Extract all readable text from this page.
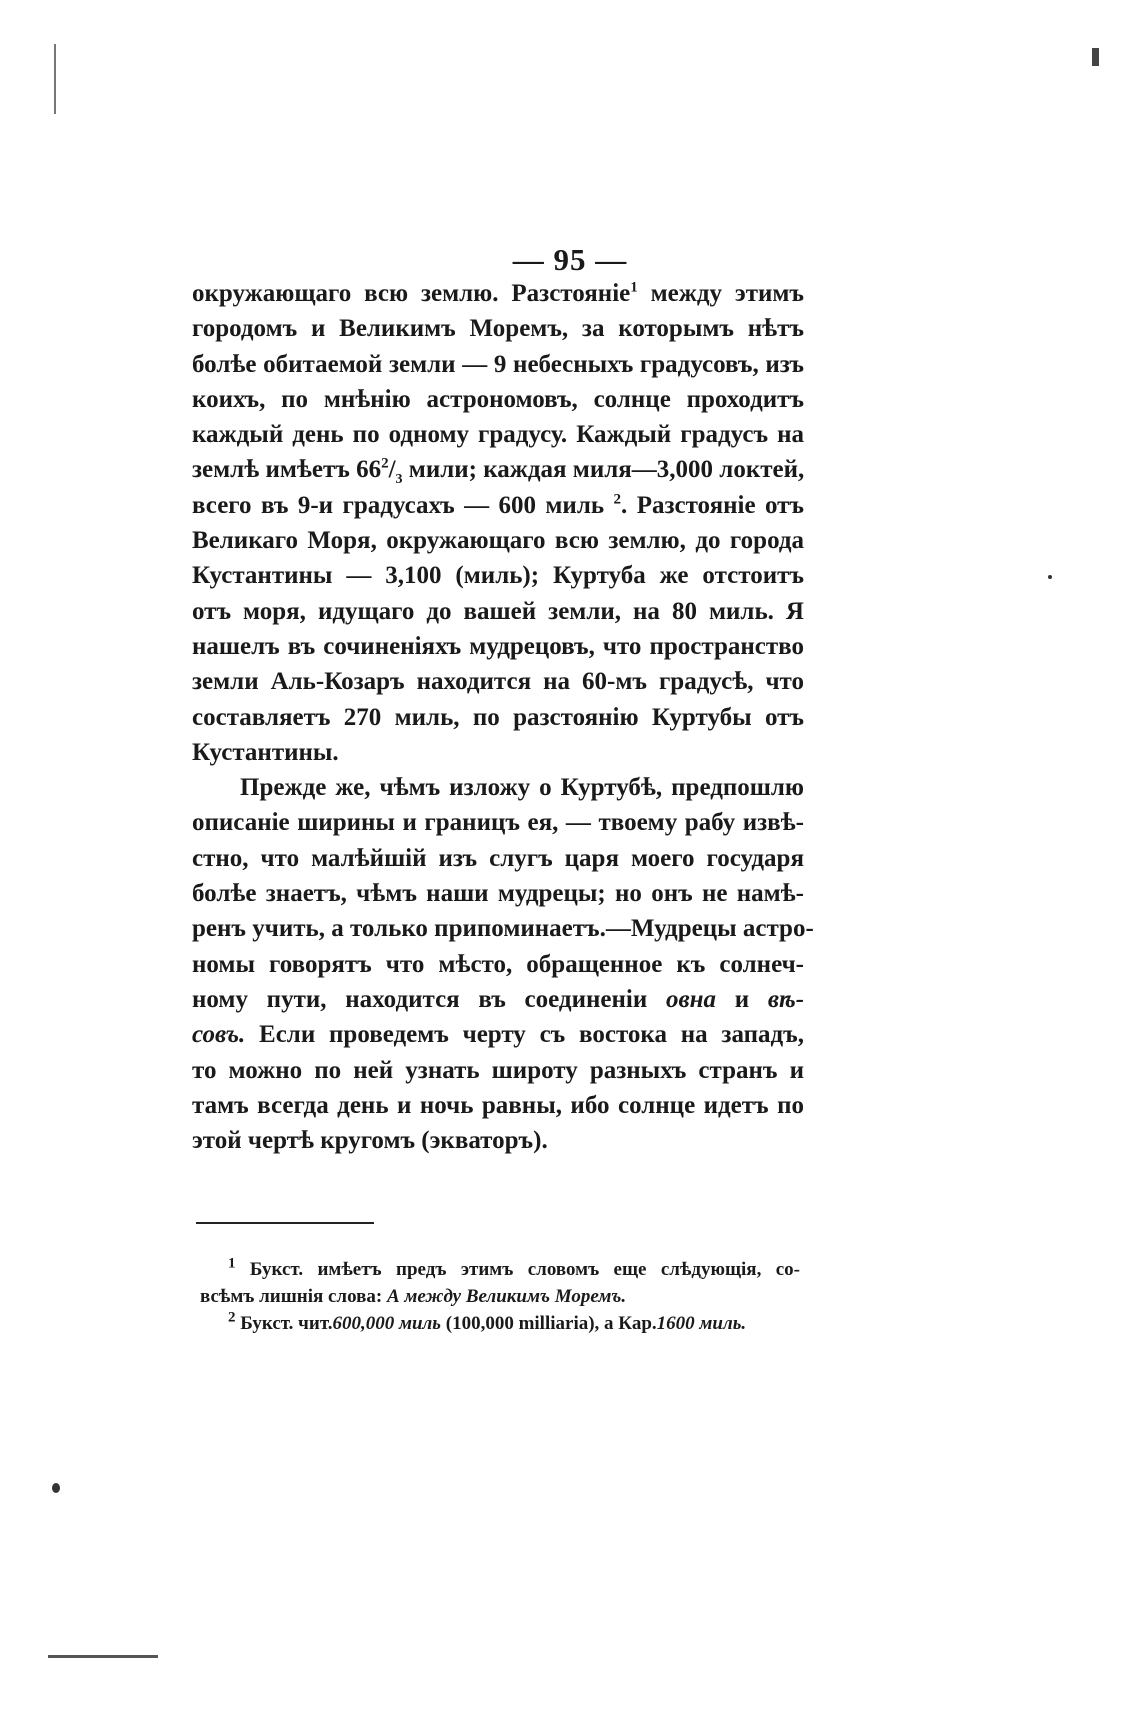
— 95 —
окружающаго всю землю. Разстояніе$^1$ между этимъ
городомъ и Великимъ Моремъ, за которымъ нѣтъ
болѣе обитаемой земли — 9 небесныхъ градусовъ, изъ
коихъ, по мнѣнію астрономовъ, солнце проходитъ
каждый день по одному градусу. Каждый градусъ на
землѣ имѣетъ $66^2/_3$ мили; каждая миля—3,000 локтей,
всего въ 9-и градусахъ — 600 миль $^2$. Разстояніе отъ
Великаго Моря, окружающаго всю землю, до города
Кустантины — 3,100 (миль); Куртуба же отстоитъ
отъ моря, идущаго до вашей земли, на 80 миль. Я
нашелъ въ сочиненіяхъ мудрецовъ, что пространство
земли Аль-Козаръ находится на 60-мъ градусѣ, что
составляетъ 270 миль, по разстоянію Куртубы отъ
Кустантины.
Прежде же, чѣмъ изложу о Куртубѣ, предпошлю
описаніе ширины и границъ ея, — твоему рабу извѣ-
стно, что малѣйшій изъ слугъ царя моего государя
болѣе знаетъ, чѣмъ наши мудрецы; но онъ не намѣ-
ренъ учить, а только припоминаетъ.—Мудрецы астро-
номы говорятъ что мѣсто, обращенное къ солнеч-
ному пути, находится въ соединеніи овна и вѣ-
совъ. Если проведемъ черту съ востока на западъ,
то можно по ней узнать широту разныхъ странъ и
тамъ всегда день и ночь равны, ибо солнце идетъ по
этой чертѣ кругомъ (экваторъ).
$^1$ Букст. имѣетъ предъ этимъ словомъ еще слѣдующія, со-
всѣмъ лишнія слова: А между Великимъ Моремъ.
$^2$ Букст. чит.600,000 миль (100,000 milliaria), а Кар.1600 миль.
